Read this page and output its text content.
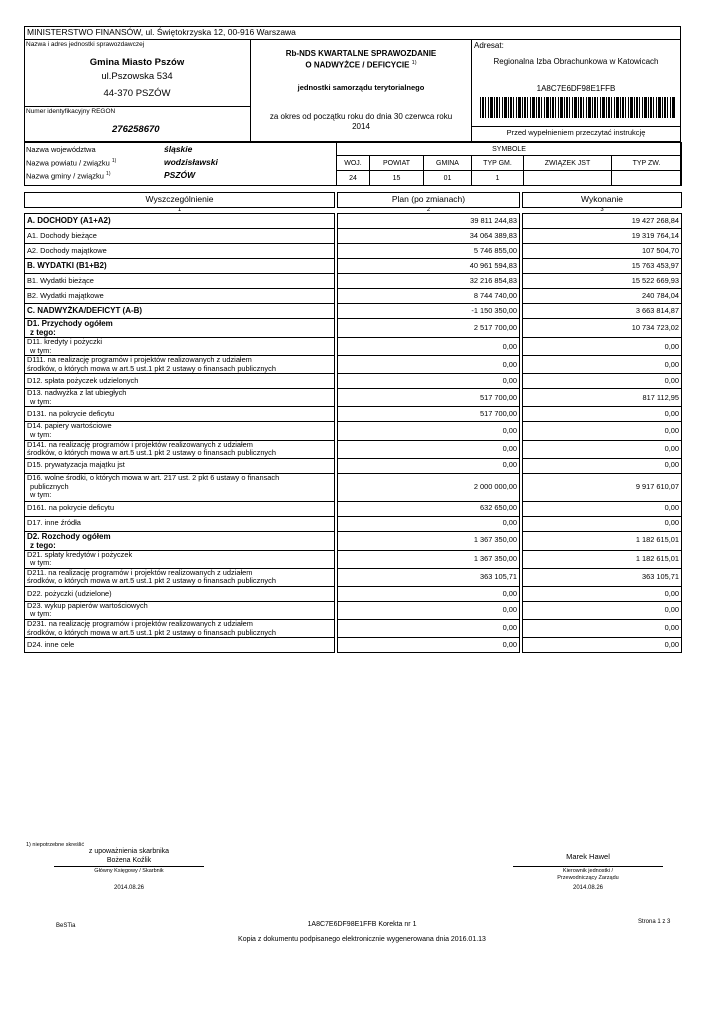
MINISTERSTWO FINANSÓW, ul. Świętokrzyska 12, 00-916 Warszawa
Nazwa i adres jednostki sprawozdawczej
Gmina Miasto Pszów
ul.Pszowska 534
44-370 PSZÓW
Numer identyfikacyjny REGON
276258670
Rb-NDS KWARTALNE SPRAWOZDANIE
O NADWYŻCE / DEFICYCIE $^{1)}$
jednostki samorządu terytorialnego
za okres od początku roku do dnia 30 czerwca roku
2014
Adresat:
Regionalna Izba Obrachunkowa w Katowicach
1A8C7E6DF98E1FFB
Przed wypełnieniem przeczytać instrukcję
Nazwa województwa	śląskie
Nazwa powiatu / związku $^{1)}$	wodzisławski
Nazwa gminy / związku $^{1)}$	PSZÓW
SYMBOLE					
WOJ.	POWIAT	GMINA	TYP GM.	ZWIĄZEK JST	TYP ZW.
24	15	01	1		
Wyszczególnienie		Plan (po zmianach)		Wykonanie
1		2		3

A. DOCHODY (A1+A2)		39 811 244,83		19 427 268,84

A1. Dochody bieżące		34 064 389,83		19 319 764,14

A2. Dochody majątkowe		5 746 855,00		107 504,70

B. WYDATKI (B1+B2)		40 961 594,83		15 763 453,97

B1. Wydatki bieżące		32 216 854,83		15 522 669,93

B2. Wydatki majątkowe		8 744 740,00		240 784,04

C. NADWYŻKA/DEFICYT (A-B)		-1 150 350,00		3 663 814,87

D1. Przychody ogółem
z tego:		2 517 700,00		10 734 723,02

D11. kredyty i pożyczki
w tym:		0,00		0,00

D111. na realizację programów i projektów realizowanych z udziałem
środków, o których mowa w art.5 ust.1 pkt 2 ustawy o finansach publicznych		0,00		0,00

D12. spłata pożyczek udzielonych		0,00		0,00

D13. nadwyżka z lat ubiegłych
w tym:		517 700,00		817 112,95

D131. na pokrycie deficytu		517 700,00		0,00

D14. papiery wartościowe
w tym:		0,00		0,00

D141. na realizację programów i projektów realizowanych z udziałem
środków, o których mowa w art.5 ust.1 pkt 2 ustawy o finansach publicznych		0,00		0,00

D15. prywatyzacja majątku jst		0,00		0,00

D16. wolne środki, o których mowa w art. 217 ust. 2 pkt 6 ustawy o finansach
publicznych
w tym:		2 000 000,00		9 917 610,07

D161. na pokrycie deficytu		632 650,00		0,00

D17. inne źródła		0,00		0,00

D2. Rozchody ogółem
z tego:		1 367 350,00		1 182 615,01

D21. spłaty kredytów i pożyczek
w tym:		1 367 350,00		1 182 615,01

D211. na realizację programów i projektów realizowanych z udziałem
środków, o których mowa w art.5 ust.1 pkt 2 ustawy o finansach publicznych		363 105,71		363 105,71

D22. pożyczki (udzielone)		0,00		0,00

D23. wykup papierów wartościowych
w tym:		0,00		0,00

D231. na realizację programów i projektów realizowanych z udziałem
środków, o których mowa w art.5 ust.1 pkt 2 ustawy o finansach publicznych		0,00		0,00

D24. inne cele		0,00		0,00
1) niepotrzebne skreślić
z upoważnienia skarbnika
Bożena Koźlik
Główny Księgowy / Skarbnik
2014.08.26
Marek Hawel
Kierownik jednostki /
Przewodniczący Zarządu
2014.08.26
BeSTia	1A8C7E6DF98E1FFB Korekta nr 1	Strona 1 z 3
Kopia z dokumentu podpisanego elektronicznie wygenerowana dnia 2016.01.13
